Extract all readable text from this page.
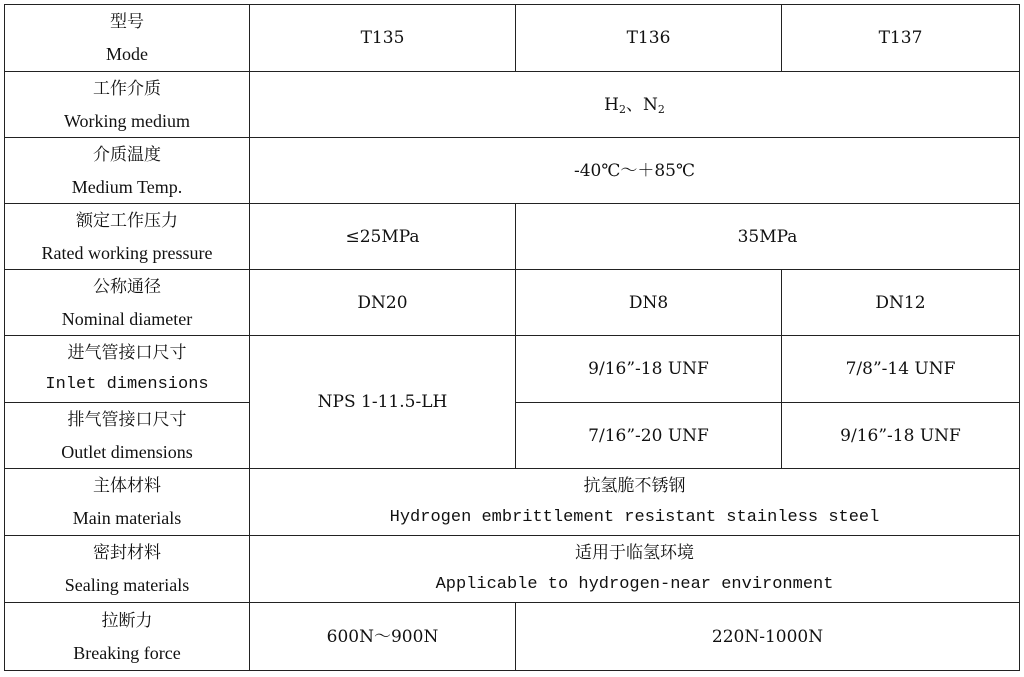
型号
Mode	T135	T136	T137

工作介质
Working medium	$H_2$、$N_2$

介质温度
Medium Temp.	-40℃～＋85℃		

额定工作压力
Rated working pressure	≤25MPa	35MPa	

公称通径
Nominal diameter	DN20	DN8	DN12

进气管接口尺寸
Inlet dimensions	NPS 1-11.5-LH	9/16”-18 UNF	7/8”-14 UNF

排气管接口尺寸
Outlet dimensions		7/16”-20 UNF	9/16”-18 UNF

主体材料
Main materials	抗氢脆不锈钢
Hydrogen embrittlement resistant stainless steel		

密封材料
Sealing materials	适用于临氢环境
Applicable to hydrogen-near environment		

拉断力
Breaking force	600N～900N	220N-1000N	
